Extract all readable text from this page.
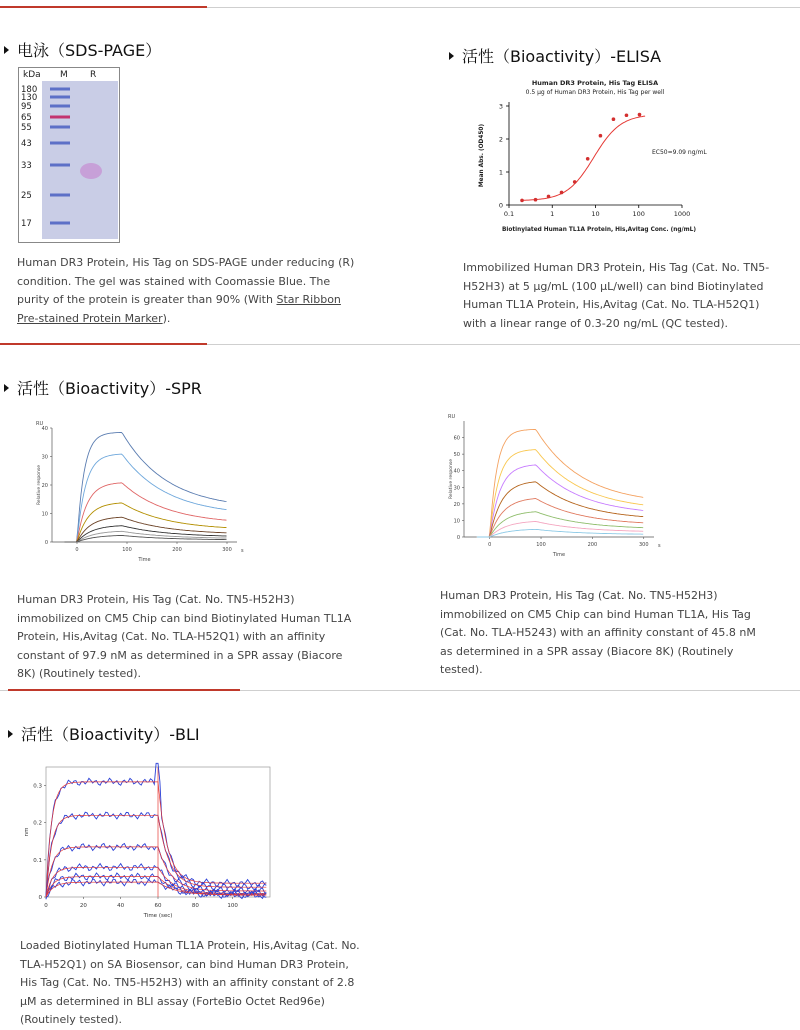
电泳（SDS-PAGE）
kDa M R
180
130
95
65
55
43
33
25
17
Human DR3 Protein, His Tag on SDS-PAGE under reducing (R) condition. The gel was stained with Coomassie Blue. The purity of the protein is greater than 90% (With Star Ribbon Pre-stained Protein Marker).
活性（Bioactivity）-ELISA
Human DR3 Protein, His Tag ELISA
0.5 μg of Human DR3 Protein, His Tag per well
0
1
2
3
0.1	1	10	100	1000
Biotinylated Human TL1A Protein, His,Avitag Conc. (ng/mL)
Mean Abs. (OD450)	EC50=9.09 ng/mL
Immobilized Human DR3 Protein, His Tag (Cat. No. TN5-H52H3) at 5 μg/mL (100 μL/well) can bind Biotinylated Human TL1A Protein, His,Avitag (Cat. No. TLA-H52Q1) with a linear range of 0.3-20 ng/mL (QC tested).
活性（Bioactivity）-SPR
RU
s
0
10
20
30
40
0	100	200	300
Time
Relative response
RU
s
0
10
20
30
40
50
60
0	100	200	300
Time
Relative response
Human DR3 Protein, His Tag (Cat. No. TN5-H52H3) immobilized on CM5 Chip can bind Biotinylated Human TL1A Protein, His,Avitag (Cat. No. TLA-H52Q1) with an affinity constant of 97.9 nM as determined in a SPR assay (Biacore 8K) (Routinely tested).
Human DR3 Protein, His Tag (Cat. No. TN5-H52H3) immobilized on CM5 Chip can bind Human TL1A, His Tag (Cat. No. TLA-H5243) with an affinity constant of 45.8 nM as determined in a SPR assay (Biacore 8K) (Routinely tested).
活性（Bioactivity）-BLI
0
0.1
0.2
0.3
0	20	40	60	80	100
Time (sec)
nm
Loaded Biotinylated Human TL1A Protein, His,Avitag (Cat. No. TLA-H52Q1) on SA Biosensor, can bind Human DR3 Protein, His Tag (Cat. No. TN5-H52H3) with an affinity constant of 2.8 μM as determined in BLI assay (ForteBio Octet Red96e) (Routinely tested).
